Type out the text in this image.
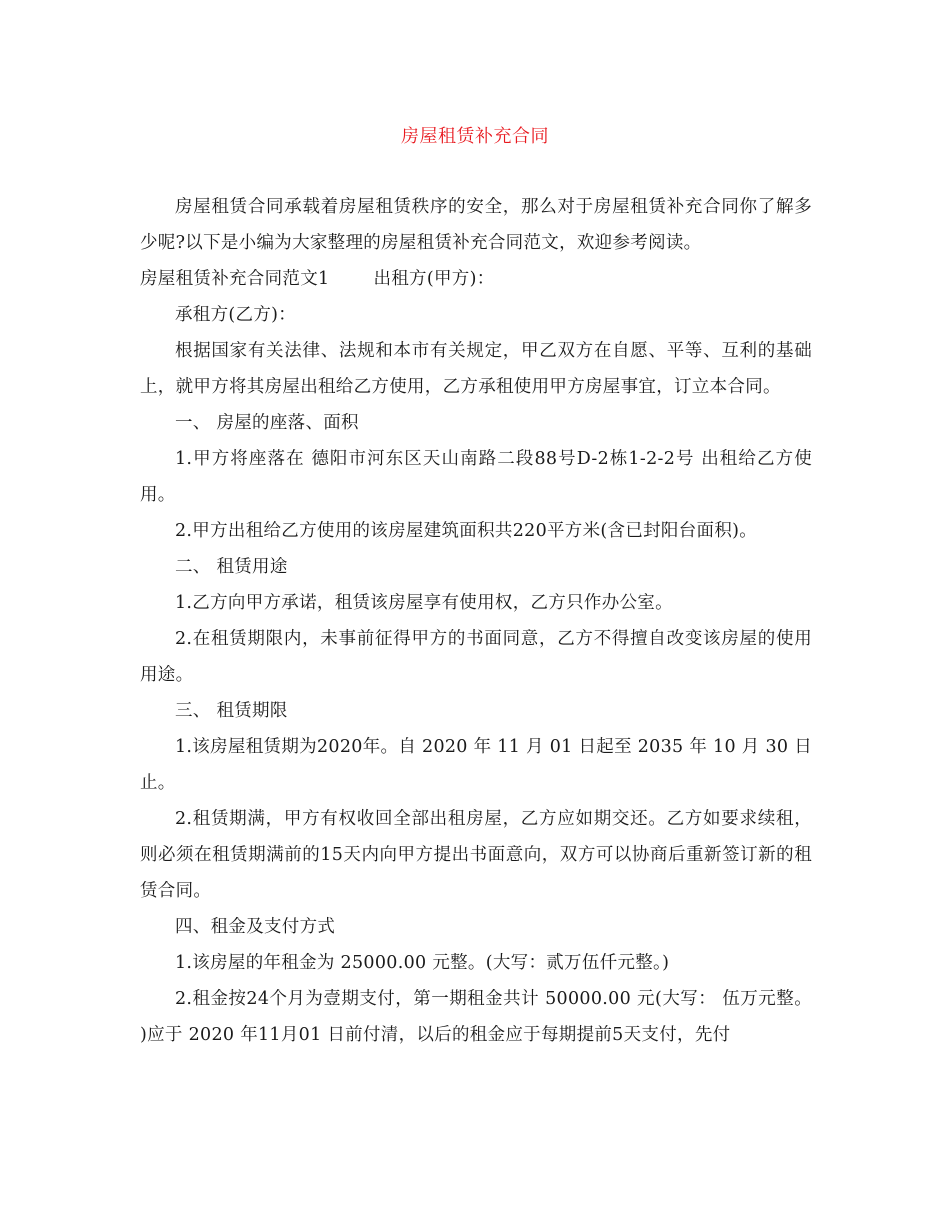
房屋租赁补充合同

房屋租赁合同承载着房屋租赁秩序的安全，那么对于房屋租赁补充合同你了解多少呢?以下是小编为大家整理的房屋租赁补充合同范文，欢迎参考阅读。

房屋租赁补充合同范文1	出租方(甲方)：

承租方(乙方)：

根据国家有关法律、法规和本市有关规定，甲乙双方在自愿、平等、互利的基础上，就甲方将其房屋出租给乙方使用，乙方承租使用甲方房屋事宜，订立本合同。

一、 房屋的座落、面积

1.甲方将座落在 德阳市河东区天山南路二段88号D-2栋1-2-2号 出租给乙方使用。

2.甲方出租给乙方使用的该房屋建筑面积共220平方米(含已封阳台面积)。

二、 租赁用途

1.乙方向甲方承诺，租赁该房屋享有使用权，乙方只作办公室。

2.在租赁期限内，未事前征得甲方的书面同意，乙方不得擅自改变该房屋的使用用途。

三、 租赁期限

1.该房屋租赁期为2020年。自 2020 年 11 月 01 日起至 2035 年 10 月 30 日止。

2.租赁期满，甲方有权收回全部出租房屋，乙方应如期交还。乙方如要求续租，则必须在租赁期满前的15天内向甲方提出书面意向，双方可以协商后重新签订新的租赁合同。

四、租金及支付方式

1.该房屋的年租金为 25000.00 元整。(大写：贰万伍仟元整。)

2.租金按24个月为壹期支付，第一期租金共计 50000.00 元(大写： 伍万元整。 )应于 2020 年11月01 日前付清，以后的租金应于每期提前5天支付，先付
